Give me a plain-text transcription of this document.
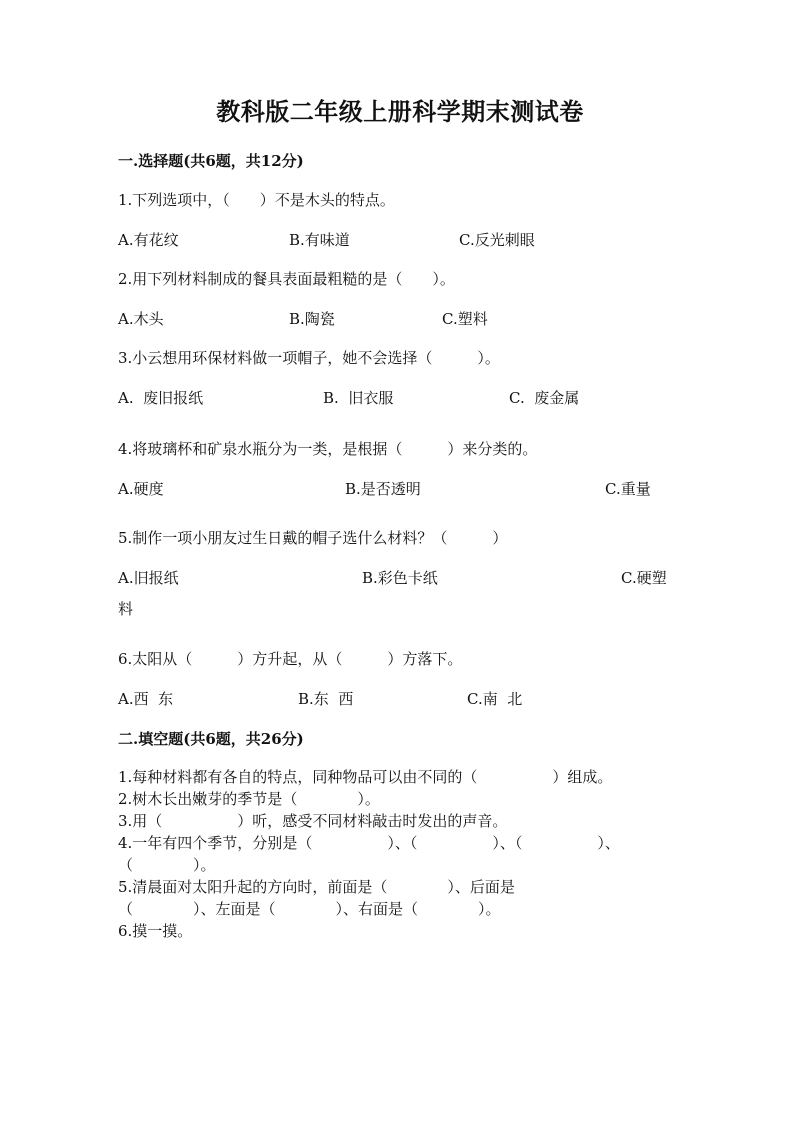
教科版二年级上册科学期末测试卷
一.选择题(共6题，共12分)
1.下列选项中，（　　）不是木头的特点。
A.有花纹	B.有味道	C.反光刺眼
2.用下列材料制成的餐具表面最粗糙的是（　　）。
A.木头	B.陶瓷	C.塑料
3.小云想用环保材料做一项帽子，她不会选择（　　　）。
A.  废旧报纸	B.  旧衣服	C.  废金属
4.将玻璃杯和矿泉水瓶分为一类，是根据（　　　）来分类的。
A.硬度	B.是否透明	C.重量
5.制作一项小朋友过生日戴的帽子选什么材料？（　　　）
A.旧报纸	B.彩色卡纸	C.硬塑
料
6.太阳从（　　　）方升起，从（　　　）方落下。
A.西  东	B.东  西	C.南  北
二.填空题(共6题，共26分)
1.每种材料都有各自的特点，同种物品可以由不同的（　　　　　）组成。
2.树木长出嫩芽的季节是（　　　　）。
3.用（　　　　　）听，感受不同材料敲击时发出的声音。
4.一年有四个季节，分别是（　　　　　）、（　　　　　）、（　　　　　）、
（　　　　）。
5.清晨面对太阳升起的方向时，前面是（　　　　）、后面是
（　　　　）、左面是（　　　　）、右面是（　　　　）。
6.摸一摸。
